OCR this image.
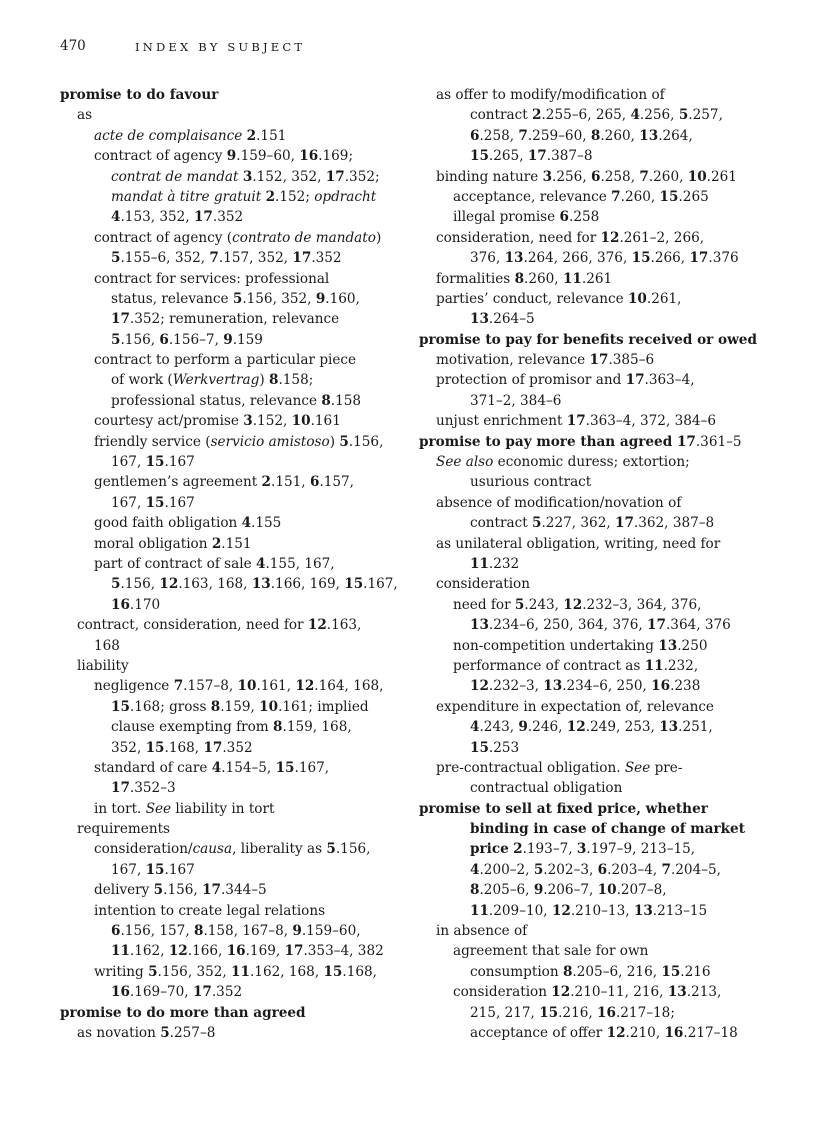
470	INDEX BY SUBJECT
promise to do favour
as
acte de complaisance 2.151
contract of agency 9.159–60, 16.169;
contrat de mandat 3.152, 352, 17.352;
mandat à titre gratuit 2.152; opdracht
4.153, 352, 17.352
contract of agency (contrato de mandato)
5.155–6, 352, 7.157, 352, 17.352
contract for services: professional
status, relevance 5.156, 352, 9.160,
17.352; remuneration, relevance
5.156, 6.156–7, 9.159
contract to perform a particular piece
of work (Werkvertrag) 8.158;
professional status, relevance 8.158
courtesy act/promise 3.152, 10.161
friendly service (servicio amistoso) 5.156,
167, 15.167
gentlemen’s agreement 2.151, 6.157,
167, 15.167
good faith obligation 4.155
moral obligation 2.151
part of contract of sale 4.155, 167,
5.156, 12.163, 168, 13.166, 169, 15.167,
16.170
contract, consideration, need for 12.163,
168
liability
negligence 7.157–8, 10.161, 12.164, 168,
15.168; gross 8.159, 10.161; implied
clause exempting from 8.159, 168,
352, 15.168, 17.352
standard of care 4.154–5, 15.167,
17.352–3
in tort. See liability in tort
requirements
consideration/causa, liberality as 5.156,
167, 15.167
delivery 5.156, 17.344–5
intention to create legal relations
6.156, 157, 8.158, 167–8, 9.159–60,
11.162, 12.166, 16.169, 17.353–4, 382
writing 5.156, 352, 11.162, 168, 15.168,
16.169–70, 17.352
promise to do more than agreed
as novation 5.257–8
as offer to modify/modification of
contract 2.255–6, 265, 4.256, 5.257,
6.258, 7.259–60, 8.260, 13.264,
15.265, 17.387–8
binding nature 3.256, 6.258, 7.260, 10.261
acceptance, relevance 7.260, 15.265
illegal promise 6.258
consideration, need for 12.261–2, 266,
376, 13.264, 266, 376, 15.266, 17.376
formalities 8.260, 11.261
parties’ conduct, relevance 10.261,
13.264–5
promise to pay for benefits received or owed
motivation, relevance 17.385–6
protection of promisor and 17.363–4,
371–2, 384–6
unjust enrichment 17.363–4, 372, 384–6
promise to pay more than agreed 17.361–5
See also economic duress; extortion;
usurious contract
absence of modification/novation of
contract 5.227, 362, 17.362, 387–8
as unilateral obligation, writing, need for
11.232
consideration
need for 5.243, 12.232–3, 364, 376,
13.234–6, 250, 364, 376, 17.364, 376
non-competition undertaking 13.250
performance of contract as 11.232,
12.232–3, 13.234–6, 250, 16.238
expenditure in expectation of, relevance
4.243, 9.246, 12.249, 253, 13.251,
15.253
pre-contractual obligation. See pre-
contractual obligation
promise to sell at fixed price, whether
binding in case of change of market
price 2.193–7, 3.197–9, 213–15,
4.200–2, 5.202–3, 6.203–4, 7.204–5,
8.205–6, 9.206–7, 10.207–8,
11.209–10, 12.210–13, 13.213–15
in absence of
agreement that sale for own
consumption 8.205–6, 216, 15.216
consideration 12.210–11, 216, 13.213,
215, 217, 15.216, 16.217–18;
acceptance of offer 12.210, 16.217–18
